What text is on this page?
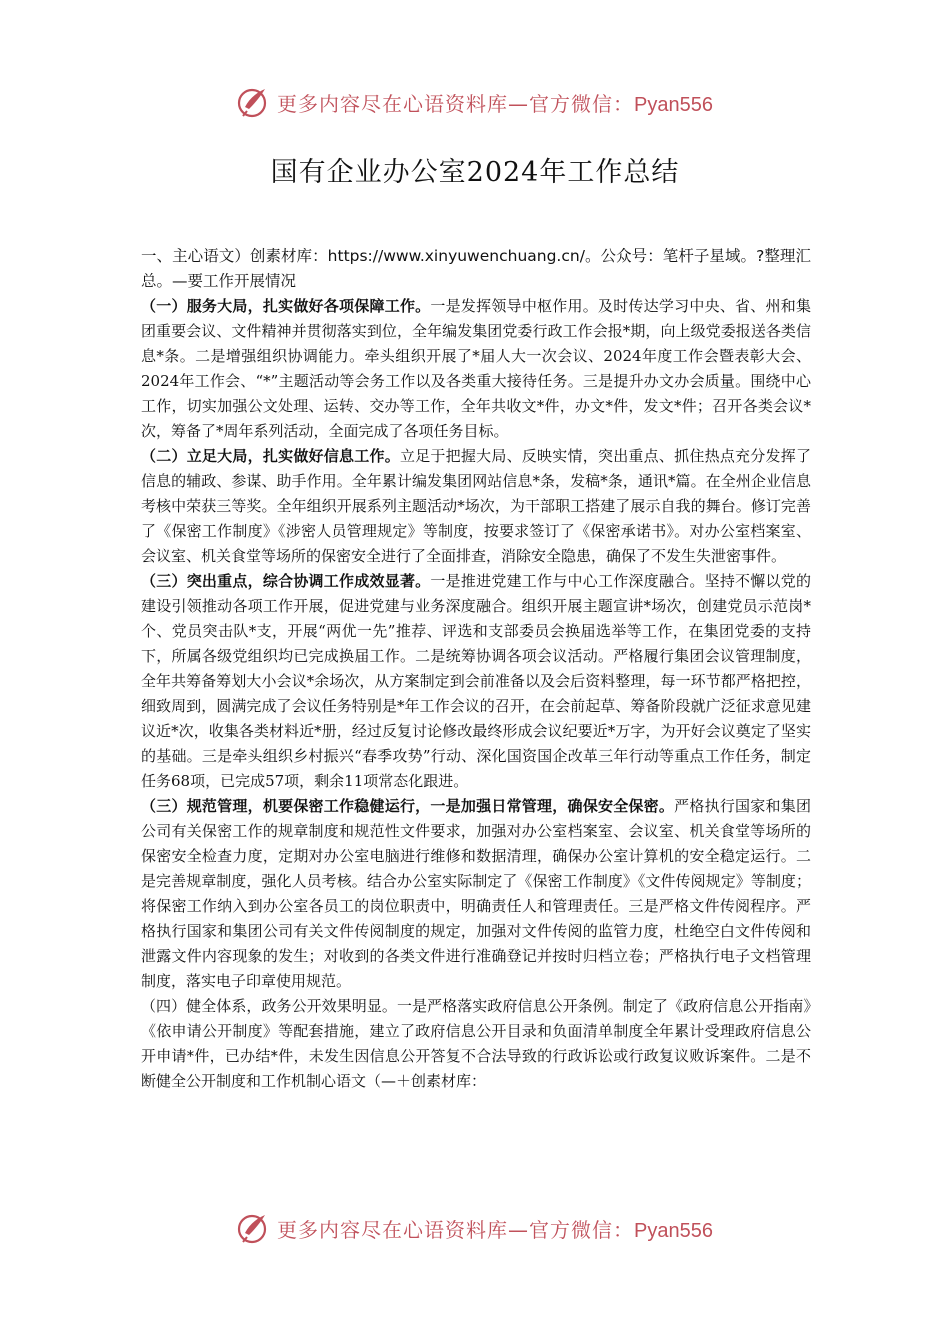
更多内容尽在心语资料库—官方微信：Pyan556
国有企业办公室2024年工作总结

一、主心语文）创素材库：https://www.xinyuwenchuang.cn/。公众号：笔杆子星域。?整理汇总。—要工作开展情况

（一）服务大局，扎实做好各项保障工作。一是发挥领导中枢作用。及时传达学习中央、省、州和集团重要会议、文件精神并贯彻落实到位，全年编发集团党委行政工作会报*期，向上级党委报送各类信息*条。二是增强组织协调能力。牵头组织开展了*届人大一次会议、2024年度工作会暨表彰大会、2024年工作会、“*”主题活动等会务工作以及各类重大接待任务。三是提升办文办会质量。围绕中心工作，切实加强公文处理、运转、交办等工作，全年共收文*件，办文*件，发文*件；召开各类会议*次，筹备了*周年系列活动，全面完成了各项任务目标。

（二）立足大局，扎实做好信息工作。立足于把握大局、反映实情，突出重点、抓住热点充分发挥了信息的辅政、参谋、助手作用。全年累计编发集团网站信息*条，发稿*条，通讯*篇。在全州企业信息考核中荣获三等奖。全年组织开展系列主题活动*场次，为干部职工搭建了展示自我的舞台。修订完善了《保密工作制度》《涉密人员管理规定》等制度，按要求签订了《保密承诺书》。对办公室档案室、会议室、机关食堂等场所的保密安全进行了全面排查，消除安全隐患，确保了不发生失泄密事件。

（三）突出重点，综合协调工作成效显著。一是推进党建工作与中心工作深度融合。坚持不懈以党的建设引领推动各项工作开展，促进党建与业务深度融合。组织开展主题宣讲*场次，创建党员示范岗*个、党员突击队*支，开展“两优一先”推荐、评选和支部委员会换届选举等工作，在集团党委的支持下，所属各级党组织均已完成换届工作。二是统筹协调各项会议活动。严格履行集团会议管理制度，全年共筹备筹划大小会议*余场次，从方案制定到会前准备以及会后资料整理，每一环节都严格把控，细致周到，圆满完成了会议任务特别是*年工作会议的召开，在会前起草、筹备阶段就广泛征求意见建议近*次，收集各类材料近*册，经过反复讨论修改最终形成会议纪要近*万字，为开好会议奠定了坚实的基础。三是牵头组织乡村振兴“春季攻势”行动、深化国资国企改革三年行动等重点工作任务，制定任务68项，已完成57项，剩余11项常态化跟进。

（三）规范管理，机要保密工作稳健运行，一是加强日常管理，确保安全保密。严格执行国家和集团公司有关保密工作的规章制度和规范性文件要求，加强对办公室档案室、会议室、机关食堂等场所的保密安全检查力度，定期对办公室电脑进行维修和数据清理，确保办公室计算机的安全稳定运行。二是完善规章制度，强化人员考核。结合办公室实际制定了《保密工作制度》《文件传阅规定》等制度；将保密工作纳入到办公室各员工的岗位职责中，明确责任人和管理责任。三是严格文件传阅程序。严格执行国家和集团公司有关文件传阅制度的规定，加强对文件传阅的监管力度，杜绝空白文件传阅和泄露文件内容现象的发生；对收到的各类文件进行准确登记并按时归档立卷；严格执行电子文档管理制度，落实电子印章使用规范。

（四）健全体系，政务公开效果明显。一是严格落实政府信息公开条例。制定了《政府信息公开指南》《依申请公开制度》等配套措施，建立了政府信息公开目录和负面清单制度全年累计受理政府信息公开申请*件，已办结*件，未发生因信息公开答复不合法导致的行政诉讼或行政复议败诉案件。二是不断健全公开制度和工作机制心语文（—＋创素材库：

更多内容尽在心语资料库—官方微信：Pyan556
